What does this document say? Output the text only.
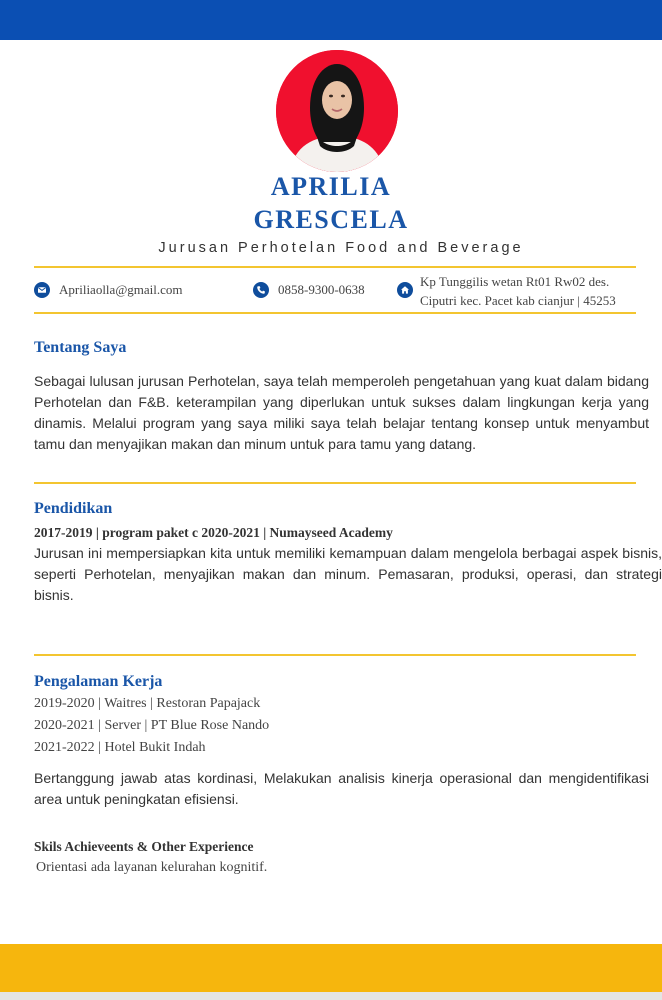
APRILIA
GRESCELA
Jurusan Perhotelan Food and Beverage
Apriliaolla@gmail.com	0858-9300-0638
Kp Tunggilis wetan Rt01 Rw02 des.
Ciputri kec. Pacet kab cianjur | 45253
Tentang Saya
Sebagai lulusan jurusan Perhotelan, saya telah memperoleh pengetahuan yang kuat dalam bidang Perhotelan dan F&B. keterampilan yang diperlukan untuk sukses dalam lingkungan kerja yang dinamis. Melalui program yang saya miliki saya telah belajar tentang konsep untuk menyambut tamu dan menyajikan makan dan minum untuk para tamu yang datang.
Pendidikan
2017-2019 | program paket c 2020-2021 | Numayseed Academy
Jurusan ini mempersiapkan kita untuk memiliki kemampuan dalam mengelola berbagai aspek bisnis, seperti Perhotelan, menyajikan makan dan minum. Pemasaran, produksi, operasi, dan strategi bisnis.
Pengalaman Kerja
2019-2020 | Waitres | Restoran Papajack
2020-2021 | Server | PT Blue Rose Nando
2021-2022 | Hotel Bukit Indah
Bertanggung jawab atas kordinasi, Melakukan analisis kinerja operasional dan mengidentifikasi area untuk peningkatan efisiensi.
Skils Achieveents & Other Experience
Orientasi ada layanan kelurahan kognitif.
